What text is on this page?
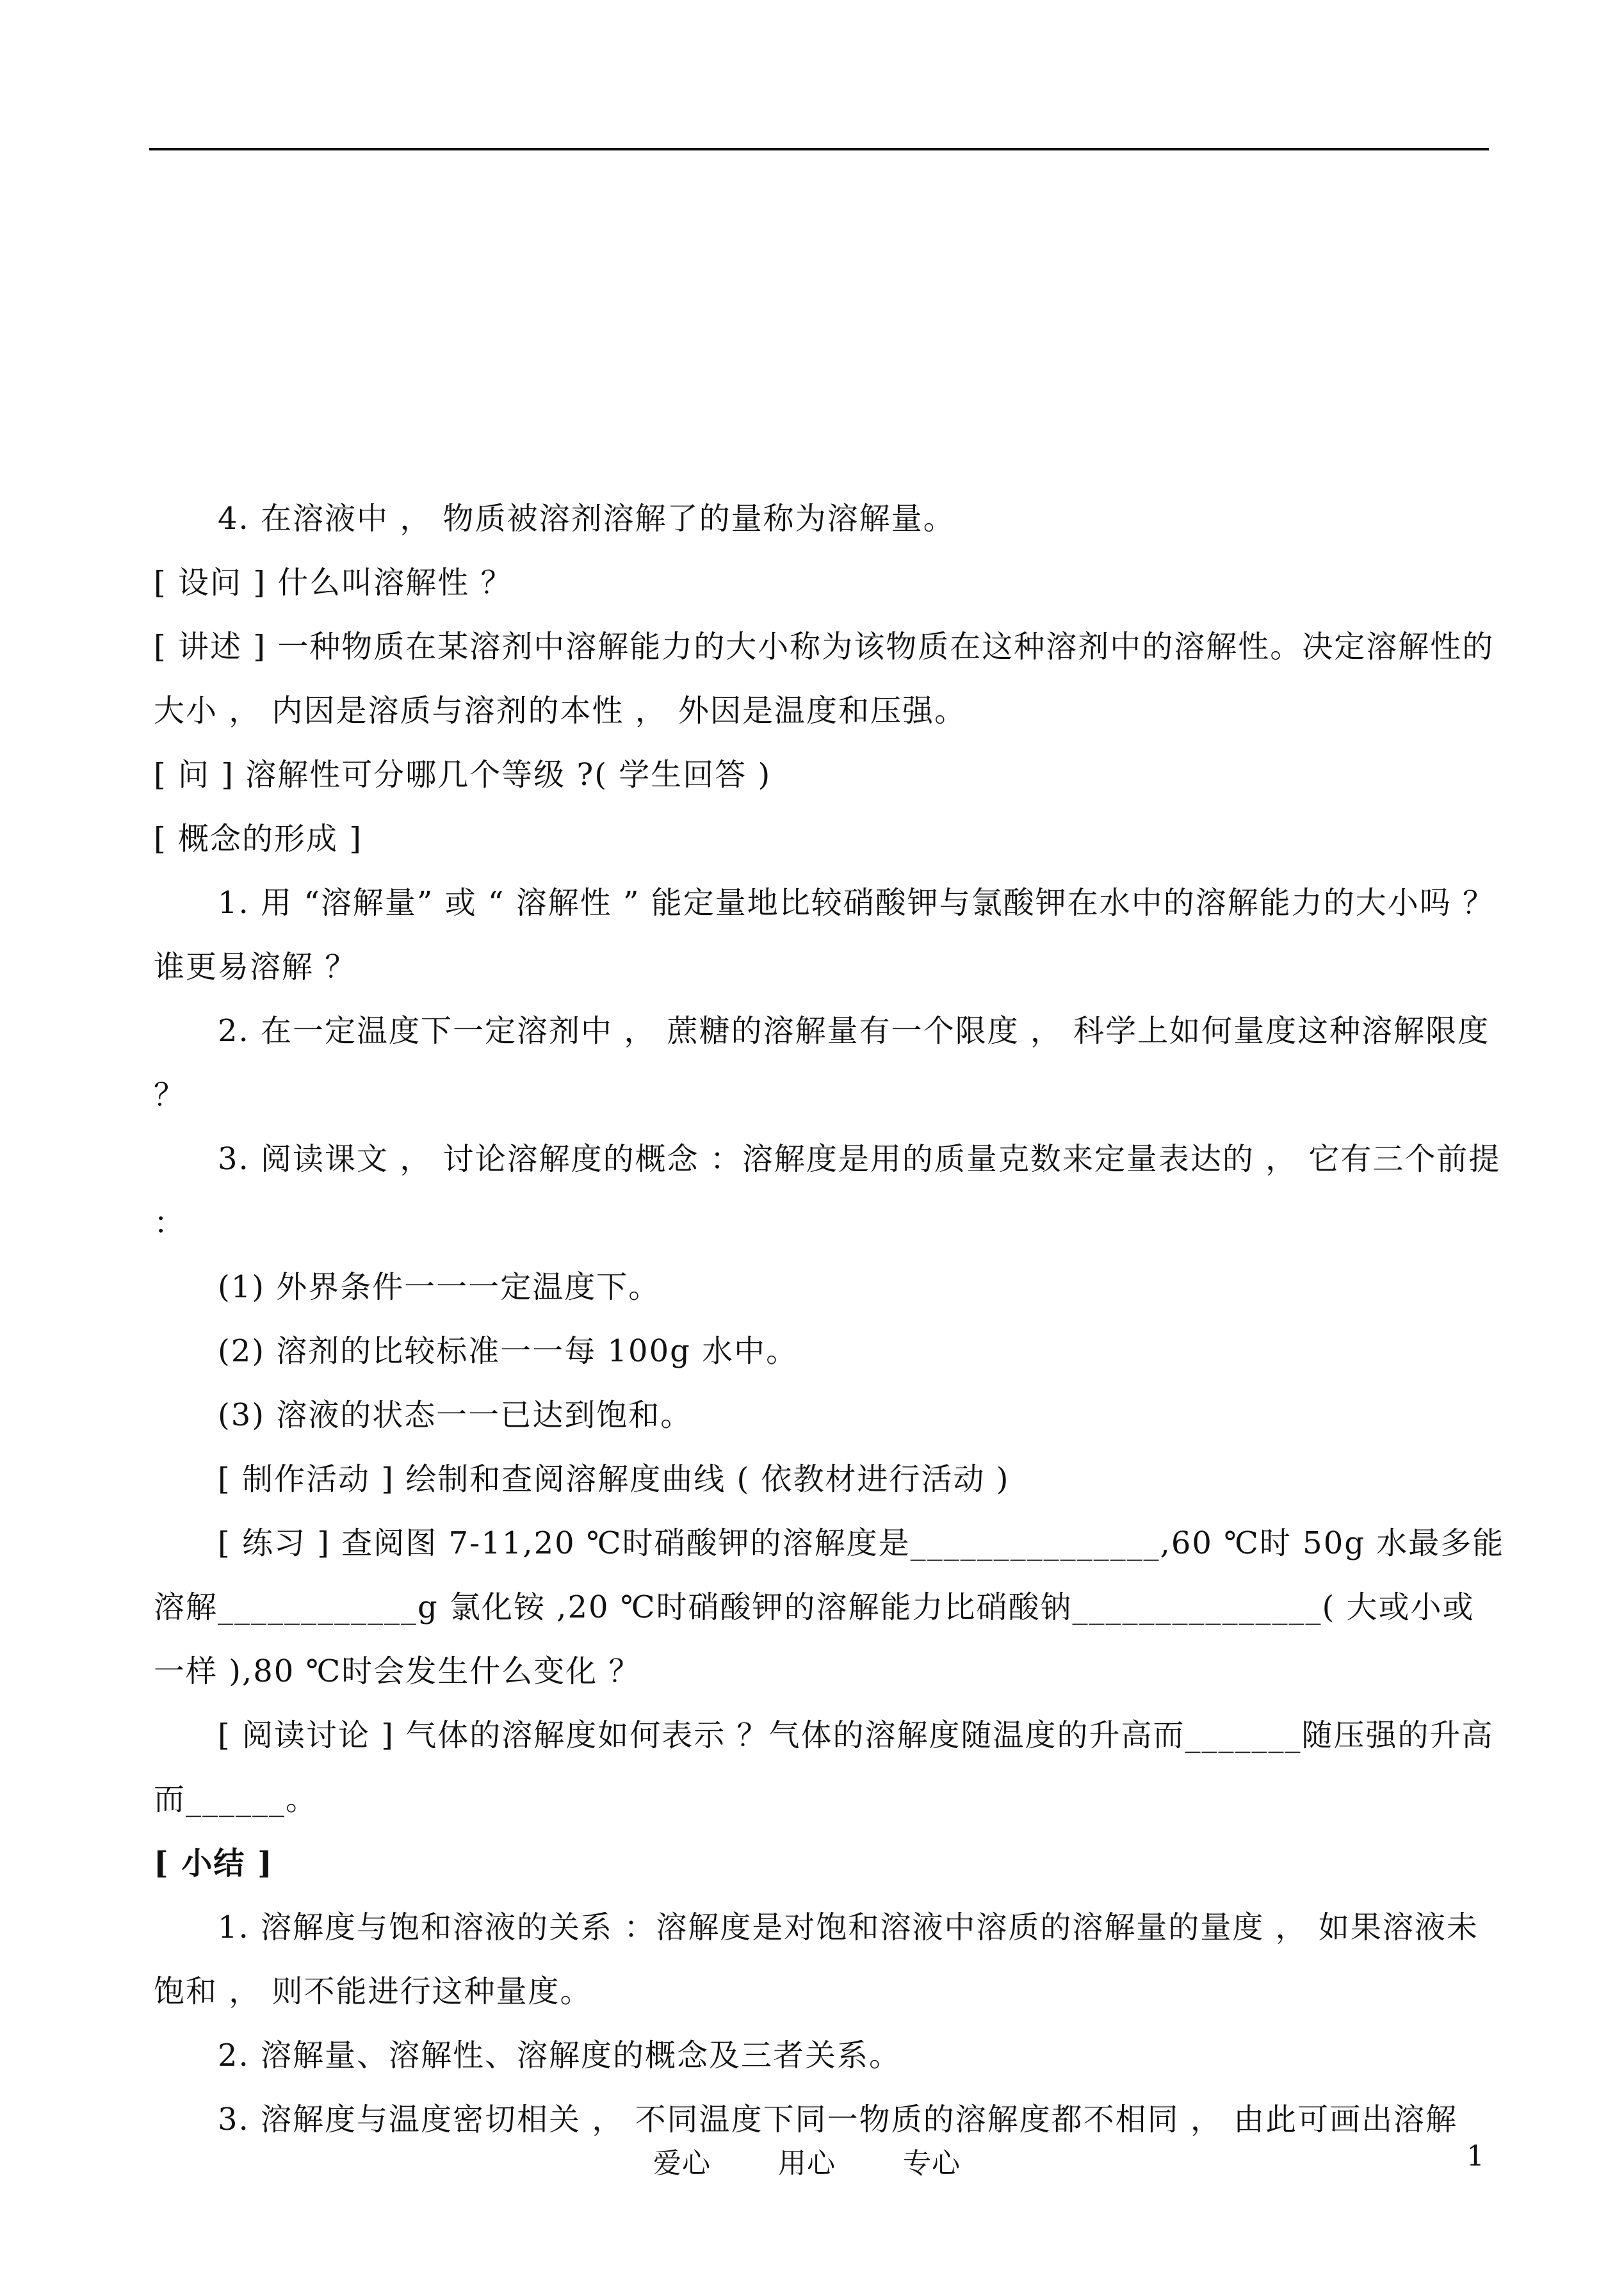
4. 在溶液中 ， 物质被溶剂溶解了的量称为溶解量。

[ 设问 ] 什么叫溶解性 ？

[ 讲述 ] 一种物质在某溶剂中溶解能力的大小称为该物质在这种溶剂中的溶解性。决定溶解性的大小 ， 内因是溶质与溶剂的本性 ， 外因是温度和压强。

[ 问 ] 溶解性可分哪几个等级 ?( 学生回答 )

[ 概念的形成 ]

1. 用 “溶解量” 或 “ 溶解性 ” 能定量地比较硝酸钾与氯酸钾在水中的溶解能力的大小吗 ？ 谁更易溶解 ？

2. 在一定温度下一定溶剂中 ， 蔗糖的溶解量有一个限度 ， 科学上如何量度这种溶解限度 ？

3. 阅读课文 ， 讨论溶解度的概念 ：溶解度是用的质量克数来定量表达的 ， 它有三个前提 ：

(1) 外界条件一一一定温度下。

(2) 溶剂的比较标准一一每 100g 水中。

(3) 溶液的状态一一已达到饱和。

[ 制作活动 ] 绘制和查阅溶解度曲线 ( 依教材进行活动 )

[ 练习 ] 查阅图 7-11,20 ℃时硝酸钾的溶解度是_______________,60 ℃时 50g 水最多能溶解____________g 氯化铵 ,20 ℃时硝酸钾的溶解能力比硝酸钠_______________( 大或小或一样 ),80 ℃时会发生什么变化 ？

[ 阅读讨论 ] 气体的溶解度如何表示 ？气体的溶解度随温度的升高而_______随压强的升高而______。

[ 小结 ]

1. 溶解度与饱和溶液的关系 ：溶解度是对饱和溶液中溶质的溶解量的量度 ， 如果溶液未饱和 ， 则不能进行这种量度。

2. 溶解量、溶解性、溶解度的概念及三者关系。

3. 溶解度与温度密切相关 ， 不同温度下同一物质的溶解度都不相同 ， 由此可画出溶解

爱心 用心 专心	1
